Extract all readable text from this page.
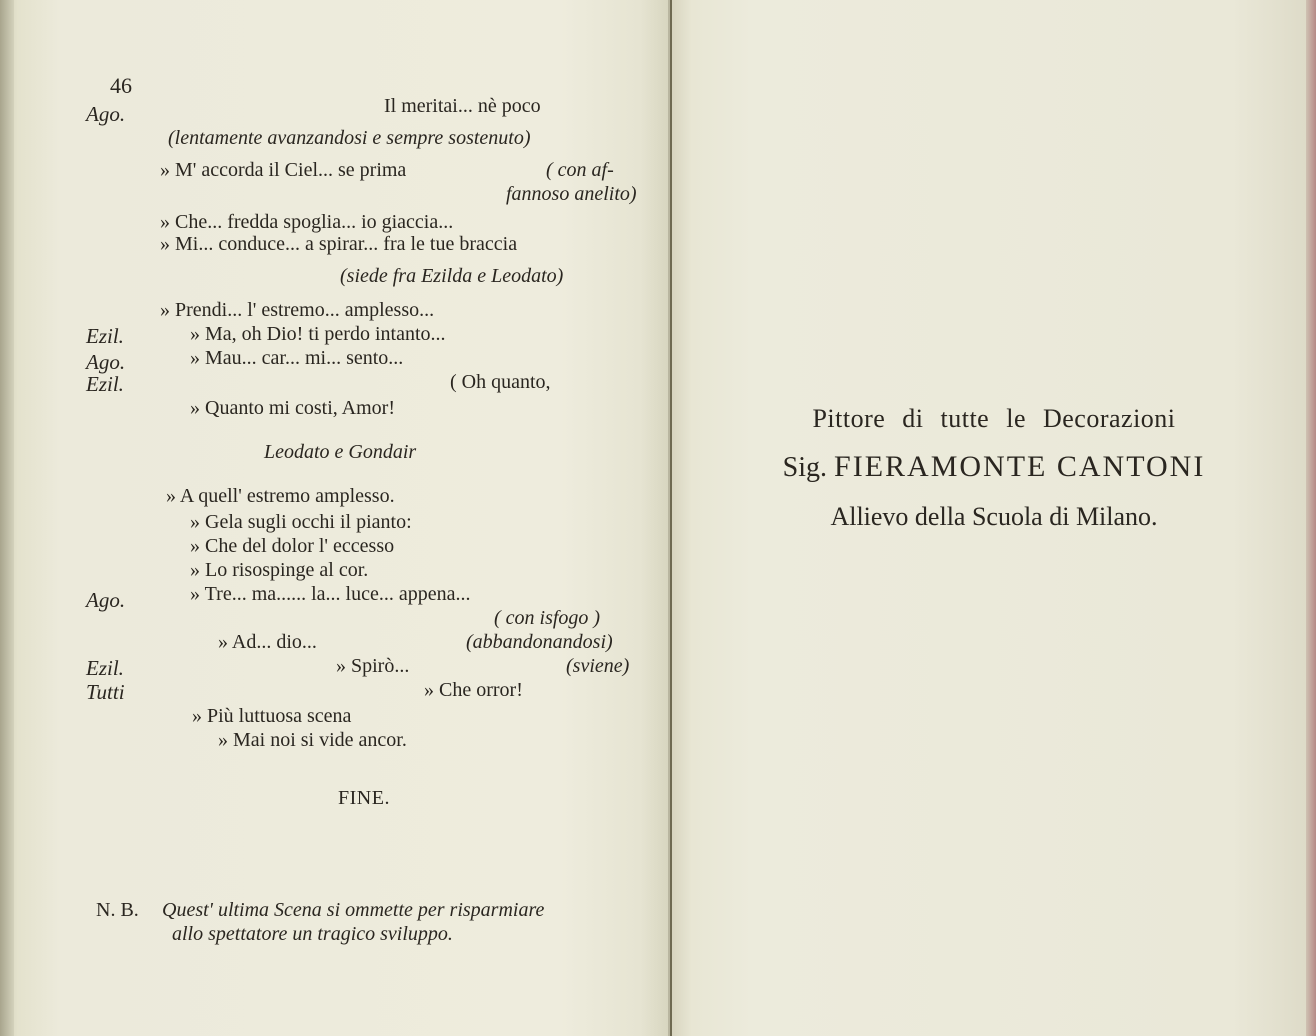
46
Ago.	Il meritai... nè poco
(lentamente avanzandosi e sempre sostenuto)
» M' accorda il Ciel... se prima	( con af-
fannoso anelito)
» Che... fredda spoglia... io giaccia...
» Mi... conduce... a spirar... fra le tue braccia
(siede fra Ezilda e Leodato)
» Prendi... l' estremo... amplesso...
Ezil.	» Ma, oh Dio! ti perdo intanto...
Ago.	» Mau... car... mi... sento...
Ezil.	( Oh quanto,
» Quanto mi costi, Amor!
Leodato e Gondair
» A quell' estremo amplesso.
» Gela sugli occhi il pianto:
» Che del dolor l' eccesso
» Lo risospinge al cor.
Ago.	» Tre... ma...... la... luce... appena...
( con isfogo )
» Ad... dio...	(abbandonandosi)
Ezil.	» Spirò...	(sviene)
Tutti	» Che orror!
» Più luttuosa scena
» Mai noi si vide ancor.
FINE.
N. B. Quest' ultima Scena si ommette per risparmiare
allo spettatore un tragico sviluppo.
Pittore di tutte le Decorazioni
Sig. FIERAMONTE CANTONI
Allievo della Scuola di Milano.
